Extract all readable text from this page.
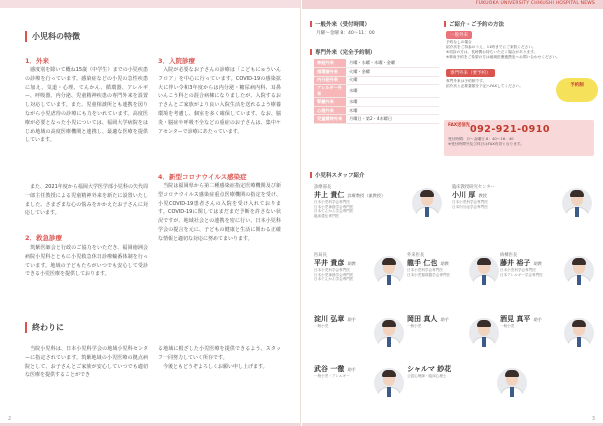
小児科の特徴
1．外来
　感度別を除いて概ね15歳（中学生）までの小児疾患の診療を行っています。感染症などの小児の急性疾患に加え、気道・心理、てんかん、循環器、アレルギー、呼吸器、内分泌、児童精神疾患の専門外来を設置し対応しています。また、児童相談所とも連携を図りながら小児虐待の診療にも力をいれています。高度医療が必要となった小児については、福岡大学病院をはじめ地域の高度医療機関と連携し、最適な医療を提供しています。
　また、2021年度から福岡大学医学部小児科の矢代周一郎主任教授による児童精神外来を新たに設置いたしました。さまざまな心の悩みをかかえたお子さんに対応しています。
2．救急診療
　筑紫医師会と行政のご協力をいただき、福岡徳洲会病院小児科とともに小児救急休日診療輪番体制を行っています。地域の子どもたちがいつでも安心して受診できる小児医療を提供しております。
3．入院診療
　入院が必要なお子さんの診療は「こどもにゅういんフロア」を中心に行っています。COVID-19の感染拡大に伴い令和3年度からは内分泌・糖尿病内科、耳鼻いんこう科との混合病棟になりましたが、入院するお子さんとご家族がより良い入院生活を送れるよう療養環境を考慮し、個室を多く確保しています。なお、脳炎・脳症や呼吸不全などの重症のお子さんは、集中ケアセンターで診療にあたっています。
4．新型コロナウイルス感染症
　当院は福岡県から第二種感染症指定医療機関及び新型コロナウイルス感染症重点医療機関の指定を受け、小児COVID-19患者さんの入院を受け入れております。COVID-19に関してはまだまだ予断を許さない状況ですが、地域社会との連携を密に行い、日本小児科学会の提言を元に、子どもの健康と生活に関わる正確な情報と適切な対応に努めてまいります。
終わりに
　当院小児科は、日本小児科学会の地域小児科センターに指定されています。筑紫地域の小児医療の拠点病院として、お子さんとご家族が安心していつでも適切な医療を提供することができ
る地域に根ざした小児医療を提供できるよう、スタッフ一同努力していく所存です。
　今後ともどうぞよろしくお願い申し上げます。
2
FUKUOKA UNIVERSITY CHIKUSHI HOSPITAL NEWS
一般外来（受付時間）
月曜〜金曜 8：40〜11：00
専門外来（完全予約制）
神経外来	月曜・水曜・木曜・金曜
循環器外来	火曜・金曜
内分泌外来	火曜
アレルギー外来	水曜
腎臓外来	水曜
心理外来	木曜
児童精神外来	月曜日・第2・4木曜日
ご紹介・ご予約の方法
一般外来
予約なしの場合
紹介状をご持参のうえ、11時までにご来院ください。
※初診の方は、長時間お待ちいただく場合があります。
※事前予約をご希望の方は地域医療連携室へお問い合わせください。
専門外来（要予約）
専門外来は予約制です。
紹介状と必要書類を下記へFAXしてください。	予約制
FAX送信先 092-921-0910
受付時間：月〜金曜日 8：40〜16：40
※受付時間外及び休日はFAX有効となります。
小児科スタッフ紹介
診療部長
井上 貴仁 診療教授（兼教授）
日本小児科学会専門医
日本小児神経学会専門医
日本てんかん学会専門医
臨床遺伝専門医
臨床教授研究センター
小川 厚 教授
日本小児科学会専門医
日本内分泌学会専門医
医局長
平井 貴彦 助教
日本小児科学会専門医
日本小児神経学会専門医
日本てんかん学会専門医
外来医長
龍手 仁也 助教
日本小児科学会専門医
日本小児循環器学会専門医
病棟医長
藤井 裕子 助教
日本小児科学会専門医
日本アレルギー学会専門医
淀川 弘章 助手
一般小児
岡田 真人 助手
一般小児
酒見 真平 助手
一般小児
武谷 一徹 助手
一般小児・アレルギー
シャルマ 紗花
公認心理師・臨床心理士
3
